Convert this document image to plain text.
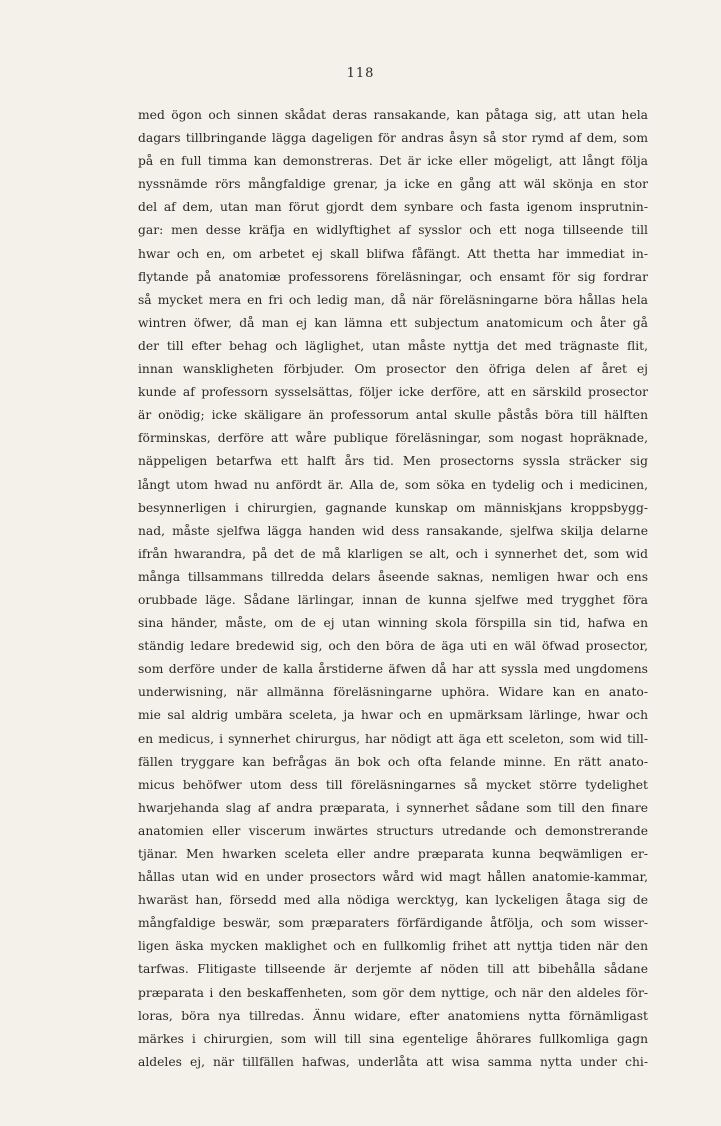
118
med ögon och sinnen skådat deras ransakande, kan påtaga sig, att utan hela
dagars tillbringande lägga dageligen för andras åsyn så stor rymd af dem, som
på en full timma kan demonstreras. Det är icke eller mögeligt, att långt följa
nyssnämde rörs mångfaldige grenar, ja icke en gång att wäl skönja en stor
del af dem, utan man förut gjordt dem synbare och fasta igenom insprutnin-
gar: men desse kräfja en widlyftighet af sysslor och ett noga tillseende till
hwar och en, om arbetet ej skall blifwa fåfängt. Att thetta har immediat in-
flytande på anatomiæ professorens föreläsningar, och ensamt för sig fordrar
så mycket mera en fri och ledig man, då när föreläsningarne böra hållas hela
wintren öfwer, då man ej kan lämna ett subjectum anatomicum och åter gå
der till efter behag och läglighet, utan måste nyttja det med trägnaste flit,
innan wanskligheten förbjuder. Om prosector den öfriga delen af året ej
kunde af professorn sysselsättas, följer icke derföre, att en särskild prosector
är onödig; icke skäligare än professorum antal skulle påstås böra till hälften
förminskas, derföre att wåre publique föreläsningar, som nogast hopräknade,
näppeligen betarfwa ett halft års tid. Men prosectorns syssla sträcker sig
långt utom hwad nu anfördt är. Alla de, som söka en tydelig och i medicinen,
besynnerligen i chirurgien, gagnande kunskap om människjans kroppsbygg-
nad, måste sjelfwa lägga handen wid dess ransakande, sjelfwa skilja delarne
ifrån hwarandra, på det de må klarligen se alt, och i synnerhet det, som wid
många tillsammans tillredda delars åseende saknas, nemligen hwar och ens
orubbade läge. Sådane lärlingar, innan de kunna sjelfwe med trygghet föra
sina händer, måste, om de ej utan winning skola förspilla sin tid, hafwa en
ständig ledare bredewid sig, och den böra de äga uti en wäl öfwad prosector,
som derföre under de kalla årstiderne äfwen då har att syssla med ungdomens
underwisning, när allmänna föreläsningarne uphöra. Widare kan en anato-
mie sal aldrig umbära sceleta, ja hwar och en upmärksam lärlinge, hwar och
en medicus, i synnerhet chirurgus, har nödigt att äga ett sceleton, som wid till-
fällen tryggare kan befrågas än bok och ofta felande minne. En rätt anato-
micus behöfwer utom dess till föreläsningarnes så mycket större tydelighet
hwarjehanda slag af andra præparata, i synnerhet sådane som till den finare
anatomien eller viscerum inwärtes structurs utredande och demonstrerande
tjänar. Men hwarken sceleta eller andre præparata kunna beqwämligen er-
hållas utan wid en under prosectors wård wid magt hållen anatomie-kammar,
hwaräst han, försedd med alla nödiga wercktyg, kan lyckeligen åtaga sig de
mångfaldige beswär, som præparaters förfärdigande åtfölja, och som wisser-
ligen äska mycken maklighet och en fullkomlig frihet att nyttja tiden när den
tarfwas. Flitigaste tillseende är derjemte af nöden till att bibehålla sådane
præparata i den beskaffenheten, som gör dem nyttige, och när den aldeles för-
loras, böra nya tillredas. Ännu widare, efter anatomiens nytta förnämligast
märkes i chirurgien, som will till sina egentelige åhörares fullkomliga gagn
aldeles ej, när tillfällen hafwas, underlåta att wisa samma nytta under chi-
